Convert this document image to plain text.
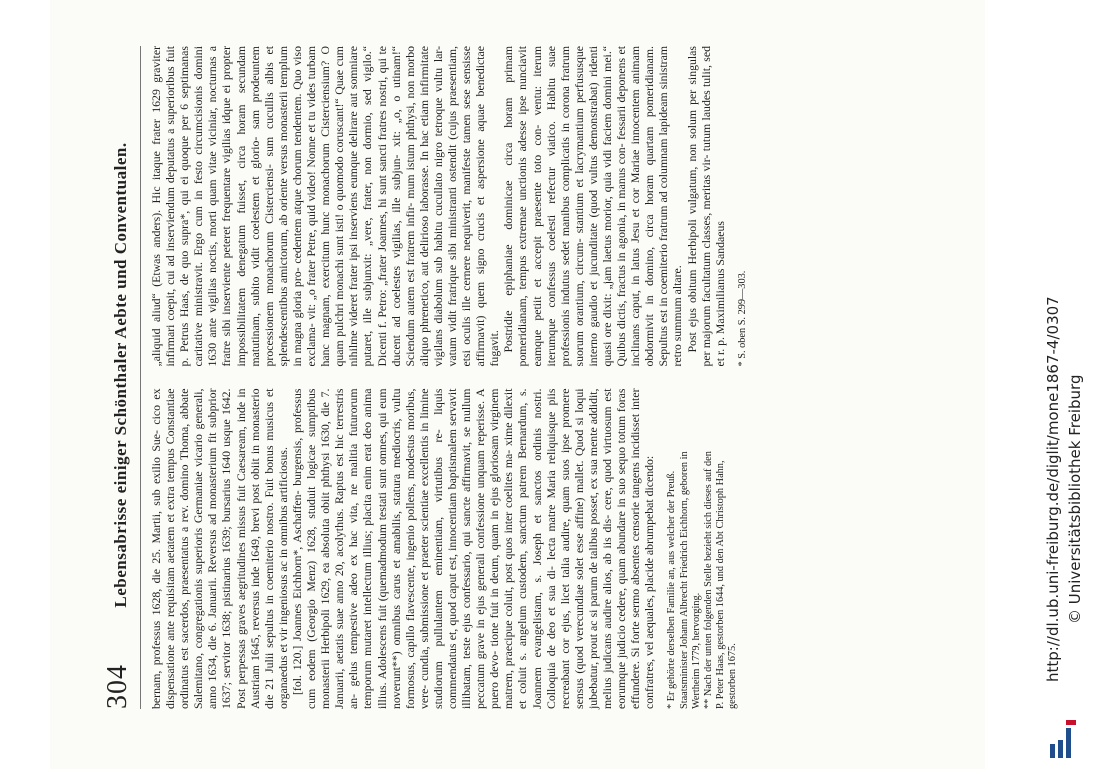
304
Lebensabrisse einiger Schönthaler Aebte und Conventualen. bernam, professus 1628, die 25. Martii, sub exilio Sue- cico ex dispensatione ante requisitam aetatem et extra tempus Constantiae ordinatus est sacerdos, praesentatus a rev. domino Thoma, abbate Salemitano, congregationis superioris Germaniae vicario generali, anno 1634, die 6. Januarii. Reversus ad monasterium fit subprior 1637; servitor 1638; pistinarius 1639; bursarius 1640 usque 1642. Post perpessas graves aegritudines missus fuit Caesaream, inde in Austriam 1645, reversus inde 1649, brevi post obiit in monasterio die 21 Julii sepultus in coemiterio nostro. Fuit bonus musicus et organaedus et vir ingeniosus ac in omnibus artificiosus. [fol. 120.] Joannes Eichhorn*, Aschaffen- burgensis, professus cum eodem (Georgio Menz) 1628, studuit logicae sumptibus monasterii Herbipoli 1629, ea absoluta obiit phthysi 1630, die 7. Januarii, aetatis suae anno 20, acolythus. Raptus est hic terrestris an- gelus tempestive adeo ex hac vita, ne malitia futurorum temporum mutaret intellectum illius; placita enim erat deo anima illius. Adolescens fuit (quemadmodum testati sunt omnes, qui eum noverunt**) omnibus carus et amabilis, statura mediocris, vultu formosus, capillo flavescente, ingenio pollens, modestus moribus, vere- cundia, submissione et praeter scientiae excellentis in limine studiorum pullulantem eminentiam, virtutibus re- liquis commendatus et, quod caput est, innocentiam baptismalem servavit illibatam, teste ejus confessario, qui sancte affirmavit, se nullum peccatum grave in ejus generali confessione unquam reperisse. A puero devo- tione fuit in deum, quam in ejus gloriosam virginem matrem, praecipue coluit, post quos inter coelites ma- xime dilexit et coluit s. angelum custodem, sanctum patrem Bernardum, s. Joannem evangelistam, s. Joseph et sanctos ordinis nostri. Colloquia de deo et sua di- lecta matre Maria reliquisque piis recreabant cor ejus, licet talia audire, quam suos ipse promere sensus (quod verecundiae solet esse affine) mallet. Quod si loqui jubebatur, prout ac si parum de talibus posset, ex sua mente addidit, melius judicans audire alios, ab iis dis- cere, quod virtuosum est eorumque judicio cedere, quam abundare in suo sequo totum foras effundere. Si forte sermo absentes censorie tangens incidisset inter confratres, vel aequales, placide abrumpebat dicendo: * Er gehörte derselben Familie an, aus welcher der Preuß. Staatsminister Johann Albrecht Friedrich Eichhorn, geboren in Wertheim 1779, hervorging. ** Nach der unten folgenden Stelle bezieht sich dieses auf den P. Peter Haas, gestorben 1644, und den Abt Christoph Hahn, gestorben 1675.

„aliquid aliud“ (Etwas anders). Hic itaque frater 1629 graviter infirmari coepit, cui ad inserviendum deputatus a superioribus fuit p. Petrus Haas, de quo supra*, qui ei quoque per 6 septimanas caritative ministravit. Ergo cum in festo circumcisionis domini 1630 ante vigilias noctis, morti quam vitae viciniar, nocturnas a fratre sibi inserviente peteret frequentare vigilias idque ei propter impossibilitatem denegatum fuisset, circa horam secundam matutinam, subito vidit coelestem et glorio- sam prodeuntem processionem monachorum Cisterciensi- sum cucullis albis et splendescentibus amictorum, ab oriente versus monasterii templum in magna gloria pro- cedentem atque chorum tendentem. Quo viso exclama- vit: „o frater Petre, quid video! Nonne et tu vides turbam hanc magnam, exercitum hunc monachorum Cisterciensium? O quam pulchri monachi sunt isti! o quomodo coruscant!“ Quae cum nihilme videret frater ipsi inserviens eumque delirare aut somniare putaret, ille subjunxit: „vere, frater, non dormio, sed vigilo.“ Dicenti f. Petro: „frater Joannes, hi sunt sancti fratres nostri, qui te ducent ad coelestes vigilias, ille subjun- xit: „o, o utinam!“ Sciendum autem est fratrem infir- mum istum phthysi, non morbo aliquo phreneticо, aut delirioso laborasse. In hac etiam infirmitate vigilans diabolum sub habitu cucullato nigro tetroque vultu lar- vatum vidit fratrique sibi ministranti ostendit (cujus praesentiam, etsi oculis ille cernere nequiverit, manifeste tamen sese sensisse affirmavit) quem signo crucis et aspersione aquae benedictae fugavit. Postridie epiphaniae dominicae circa horam primam pomeridianam, tempus extremae unctionis adesse ipse nunciavit eamque petiit et accepit praesente toto con- ventu: iterum iterumque confessus coelesti refectur viatico. Habitu suae professionis indutus sedet manibus complicatis in corona fratrum suorum orantium, circum- stantium et lacrymantium perfususque interno gaudio et jucunditate (quod vultus demonstrabat) ridenti quasi ore dixit: „jam laetus morior, quia vidi faciem domini mei.“ Quibus dictis, fractus in agonia, in manus con- fessarii deponens et inclinans caput, in latus Jesu et cor Mariae innocentem animam obdormivit in domino, circa horam quartam pomeridianam. Sepultus est in coemiterio fratrum ad columnam lapideam sinistram retro summum altare. Post ejus obitum Herbipoli vulgatum, non solum per singulas per majorum facultatum classes, meritas vir- tutum laudes tulit, sed et r. p. Maximilianus Sandaeus * S. oben S. 299—303.	http://dl.ub.uni-freiburg.de/diglit/mone1867-4/0307 © Universitätsbibliothek Freiburg
